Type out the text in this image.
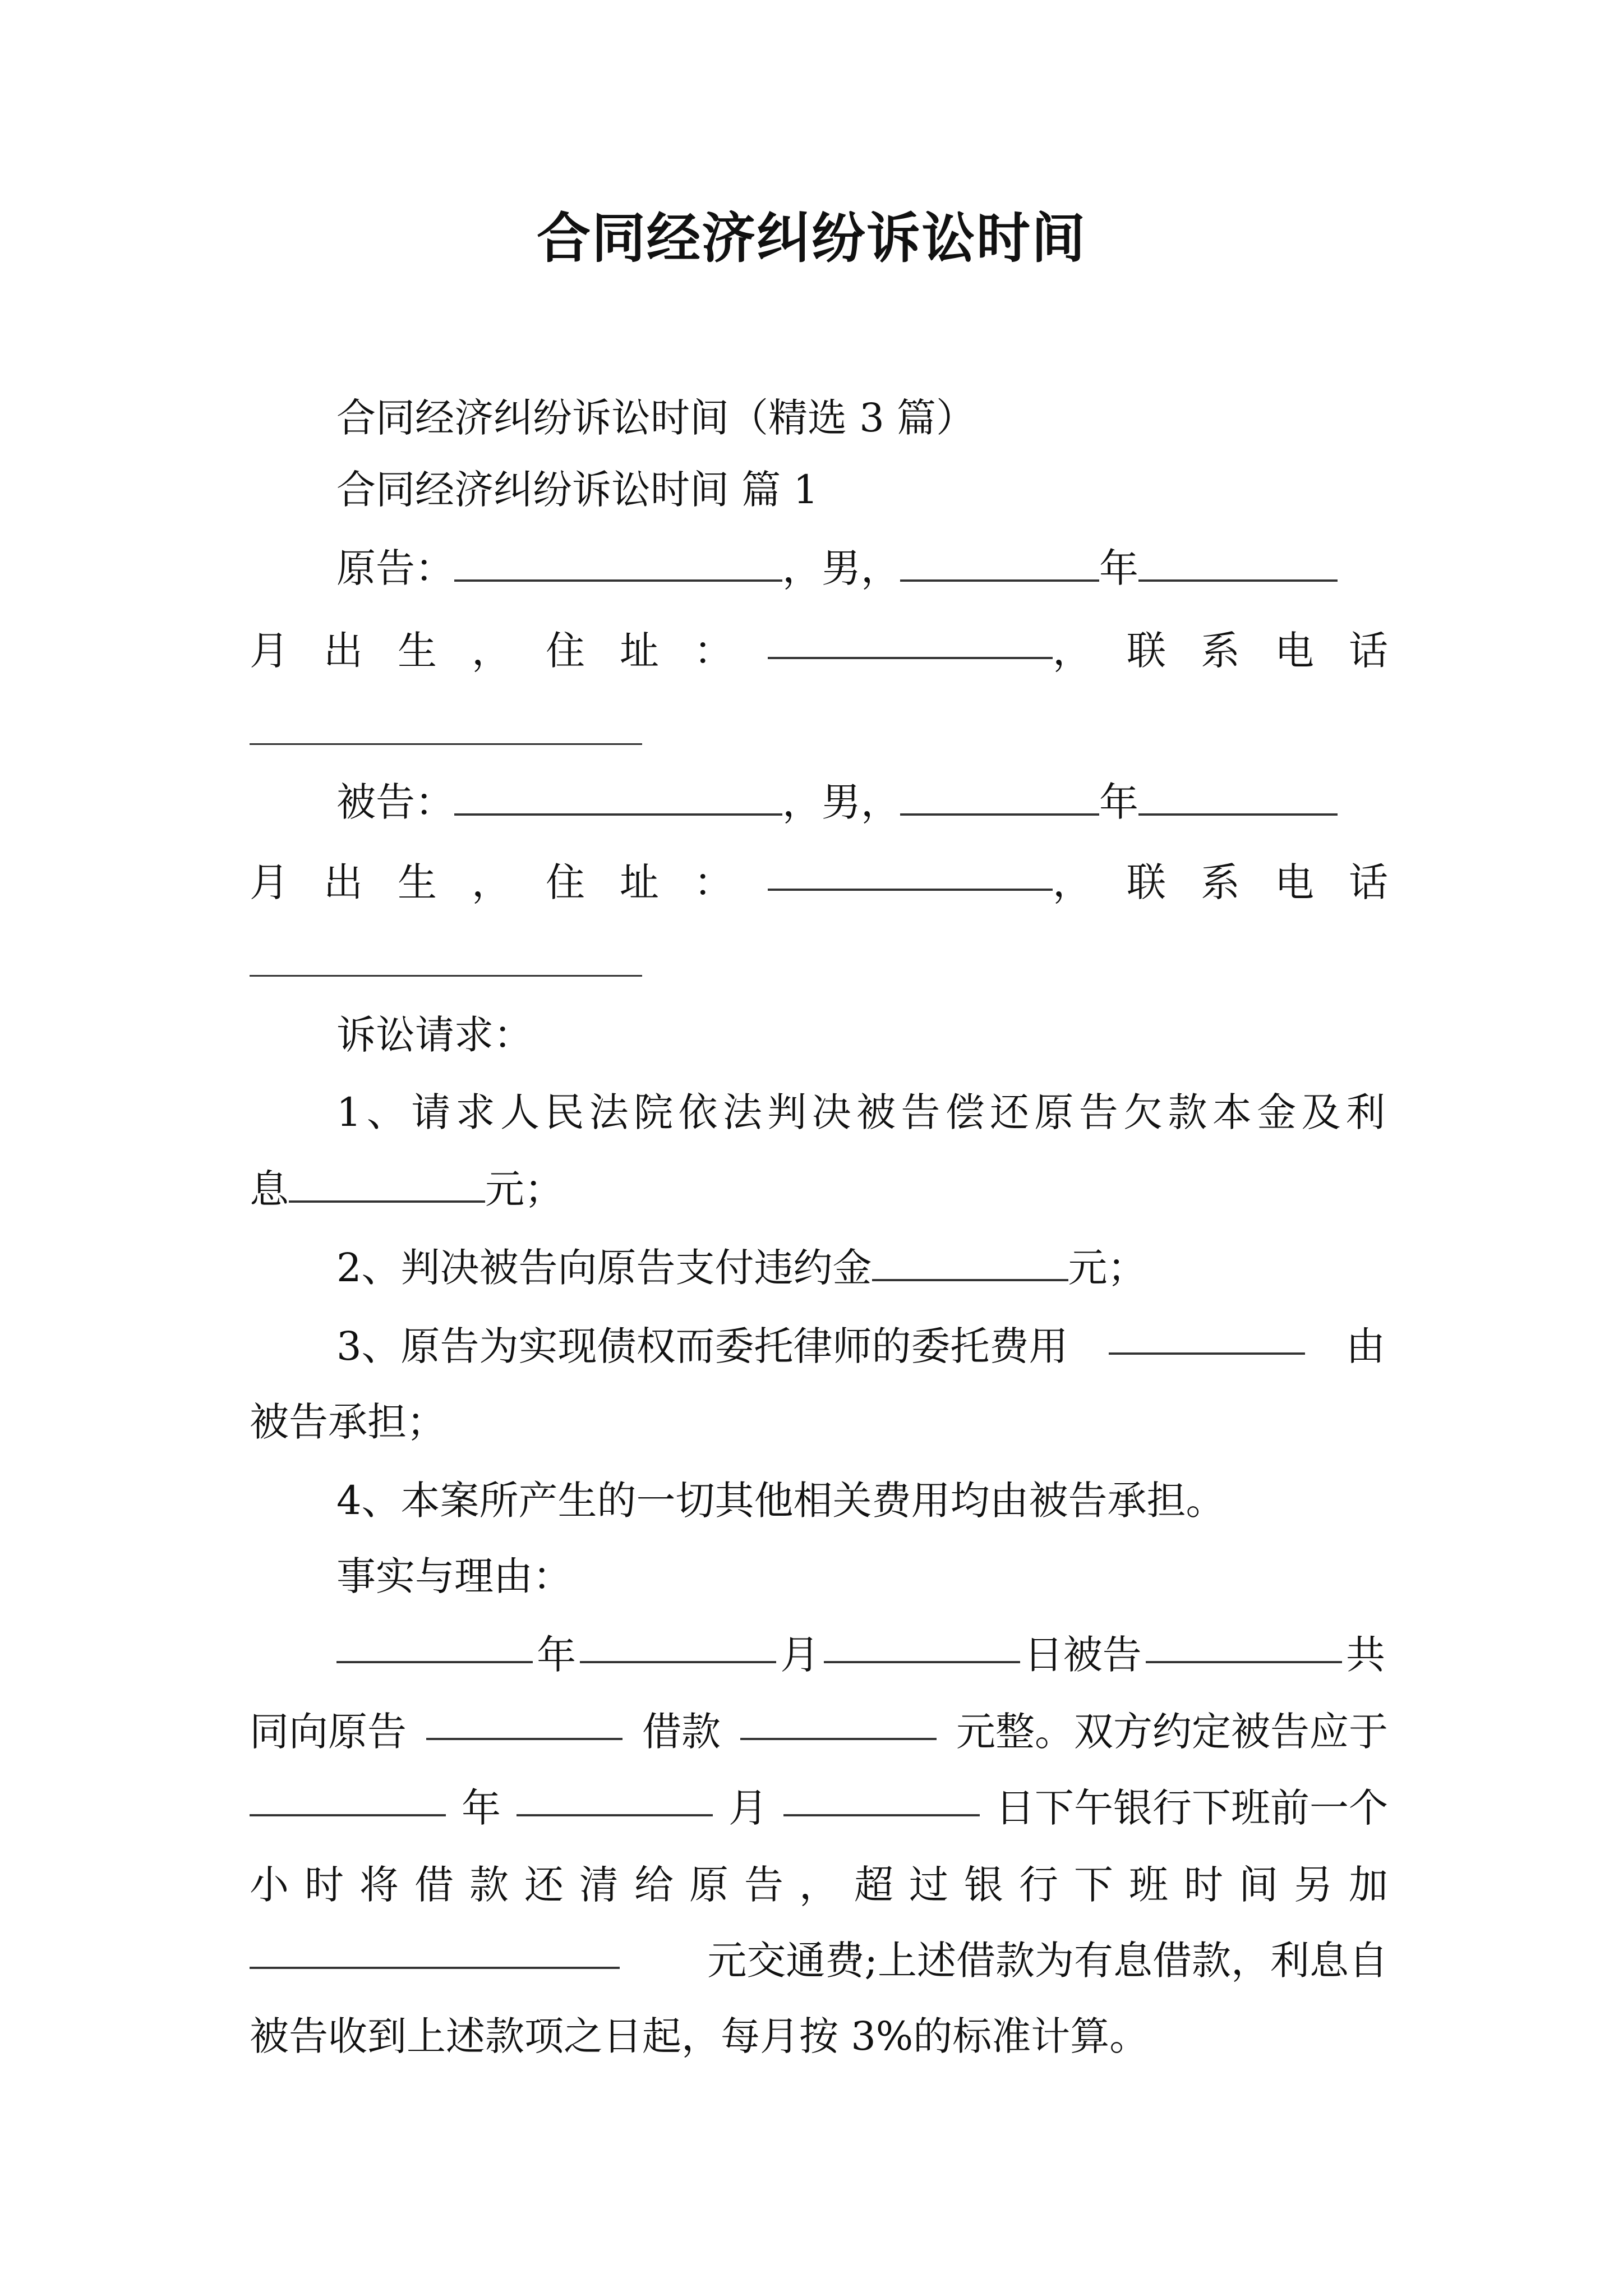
合同经济纠纷诉讼时间
合同经济纠纷诉讼时间（精选 3 篇）
合同经济纠纷诉讼时间 篇 1
原告：	，男，	年
月出生，住址：	，联系电话
被告：	，男，	年
月出生，住址：	，联系电话
诉讼请求：
1、请求人民法院依法判决被告偿还原告欠款本金及利
息	元；
2、判决被告向原告支付违约金	元；
3、原告为实现债权而委托律师的委托费用	由
被告承担；
4、本案所产生的一切其他相关费用均由被告承担。
事实与理由：
年	月	日被告	共
同向原告	借款	元整。双方约定被告应于
年	月	日下午银行下班前一个
小时将借款还清给原告，超过银行下班时间另加
元交通费;上述借款为有息借款，利息自
被告收到上述款项之日起，每月按 3%的标准计算。
